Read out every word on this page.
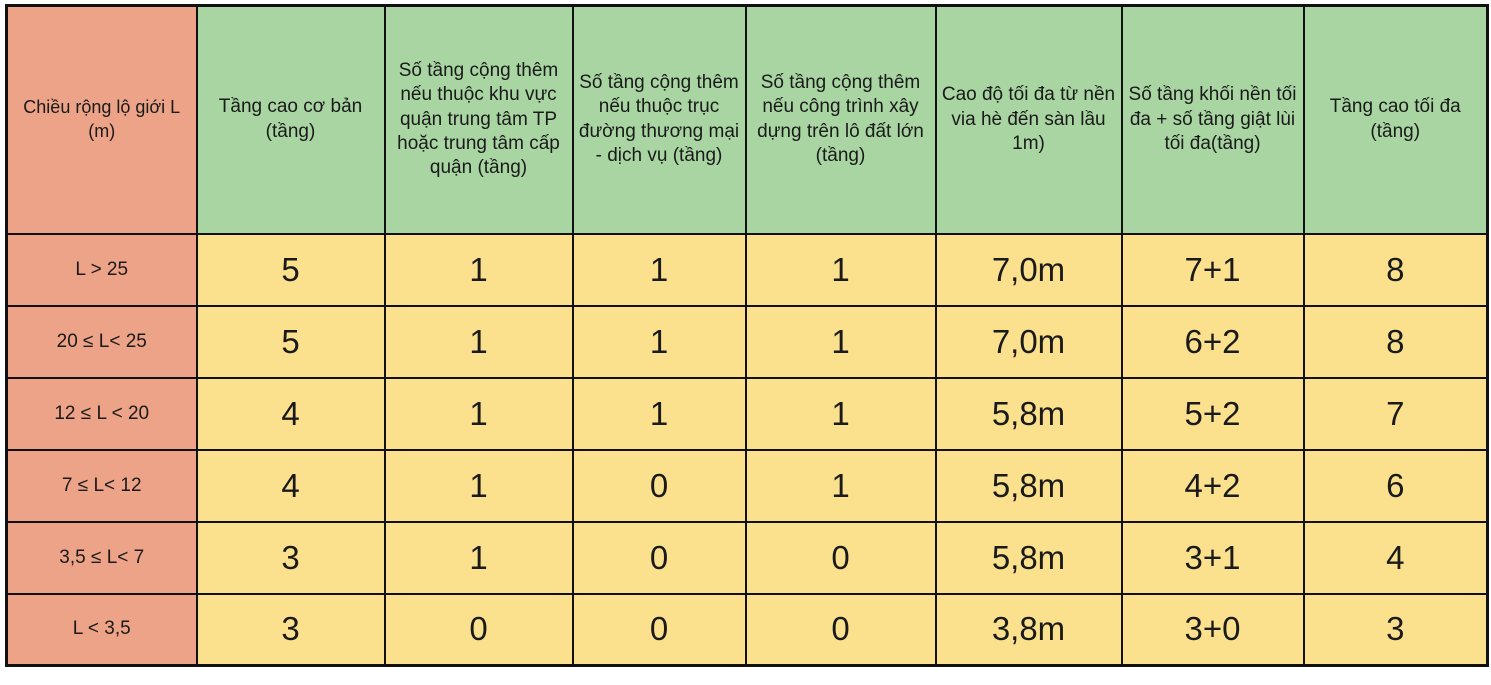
Chiều rộng lộ giới L (m)	Tầng cao cơ bản (tầng)	Số tầng cộng thêm nếu thuộc khu vực quận trung tâm TP hoặc trung tâm cấp quận (tầng)	Số tầng cộng thêm nếu thuộc trục đường thương mại - dịch vụ (tầng)	Số tầng cộng thêm nếu công trình xây dựng trên lô đất lớn (tầng)	Cao độ tối đa từ nền via hè đến sàn lầu 1m)	Số tầng khối nền tối đa + số tầng giật lùi tối đa(tầng)	Tầng cao tối đa (tầng)
L > 25	5	1	1	1	7,0m	7+1	8
20 ≤ L< 25	5	1	1	1	7,0m	6+2	8
12 ≤ L < 20	4	1	1	1	5,8m	5+2	7
7 ≤ L< 12	4	1	0	1	5,8m	4+2	6
3,5 ≤ L< 7	3	1	0	0	5,8m	3+1	4
L < 3,5	3	0	0	0	3,8m	3+0	3
